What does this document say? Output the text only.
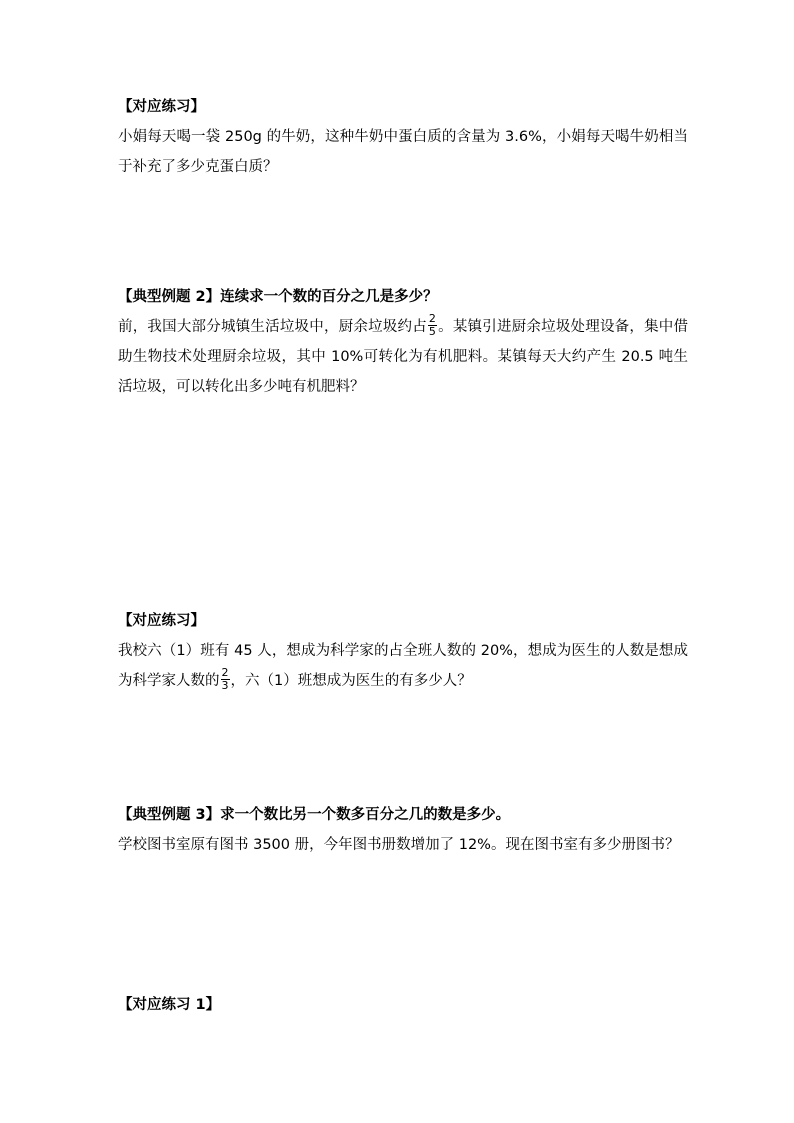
【对应练习】
小娟每天喝一袋 250g 的牛奶，这种牛奶中蛋白质的含量为 3.6%，小娟每天喝牛奶相当于补充了多少克蛋白质？
【典型例题 2】连续求一个数的百分之几是多少？
前，我国大部分城镇生活垃圾中，厨余垃圾约占 $\frac{2}{5}$ 。某镇引进厨余垃圾处理设备，集中借助生物技术处理厨余垃圾，其中 10%可转化为有机肥料。某镇每天大约产生 20.5 吨生活垃圾，可以转化出多少吨有机肥料？
【对应练习】
我校六（1）班有 45 人，想成为科学家的占全班人数的 20%，想成为医生的人数是想成为科学家人数的 $\frac{2}{3}$ ，六（1）班想成为医生的有多少人？
【典型例题 3】求一个数比另一个数多百分之几的数是多少。
学校图书室原有图书 3500 册，今年图书册数增加了 12%。现在图书室有多少册图书？
【对应练习 1】
